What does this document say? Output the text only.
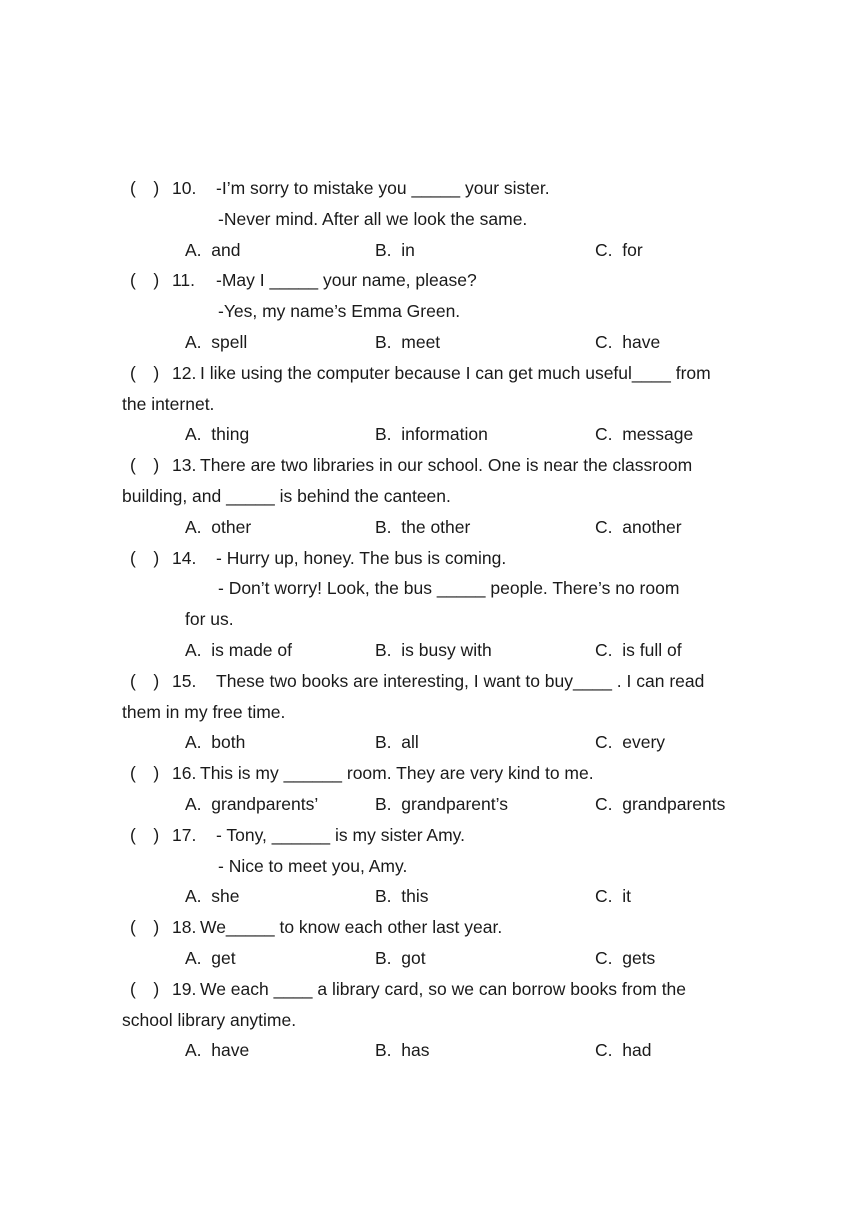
(  ) 10. -I’m sorry to mistake you _____ your sister.
-Never mind. After all we look the same.
A.  and	B.  in	C.  for
(  ) 11. -May I _____ your name, please?
-Yes, my name’s Emma Green.
A.  spell	B.  meet	C.  have
(  ) 12. I like using the computer because I can get much useful____ from
the internet.
A.  thing	B.  information	C.  message
(  ) 13. There are two libraries in our school. One is near the classroom
building, and _____ is behind the canteen.
A.  other	B.  the other	C.  another
(  ) 14. - Hurry up, honey. The bus is coming.
- Don’t worry! Look, the bus _____ people. There’s no room
for us.
A.  is made of	B.  is busy with	C.  is full of
(  ) 15. These two books are interesting, I want to buy____ . I can read
them in my free time.
A.  both	B.  all	C.  every
(  ) 16. This is my ______ room. They are very kind to me.
A.  grandparents’	B.  grandparent’s	C.  grandparents
(  ) 17. - Tony, ______ is my sister Amy.
- Nice to meet you, Amy.
A.  she	B.  this	C.  it
(  ) 18. We_____ to know each other last year.
A.  get	B.  got	C.  gets
(  ) 19. We each ____ a library card, so we can borrow books from the
school library anytime.
A.  have	B.  has	C.  had
